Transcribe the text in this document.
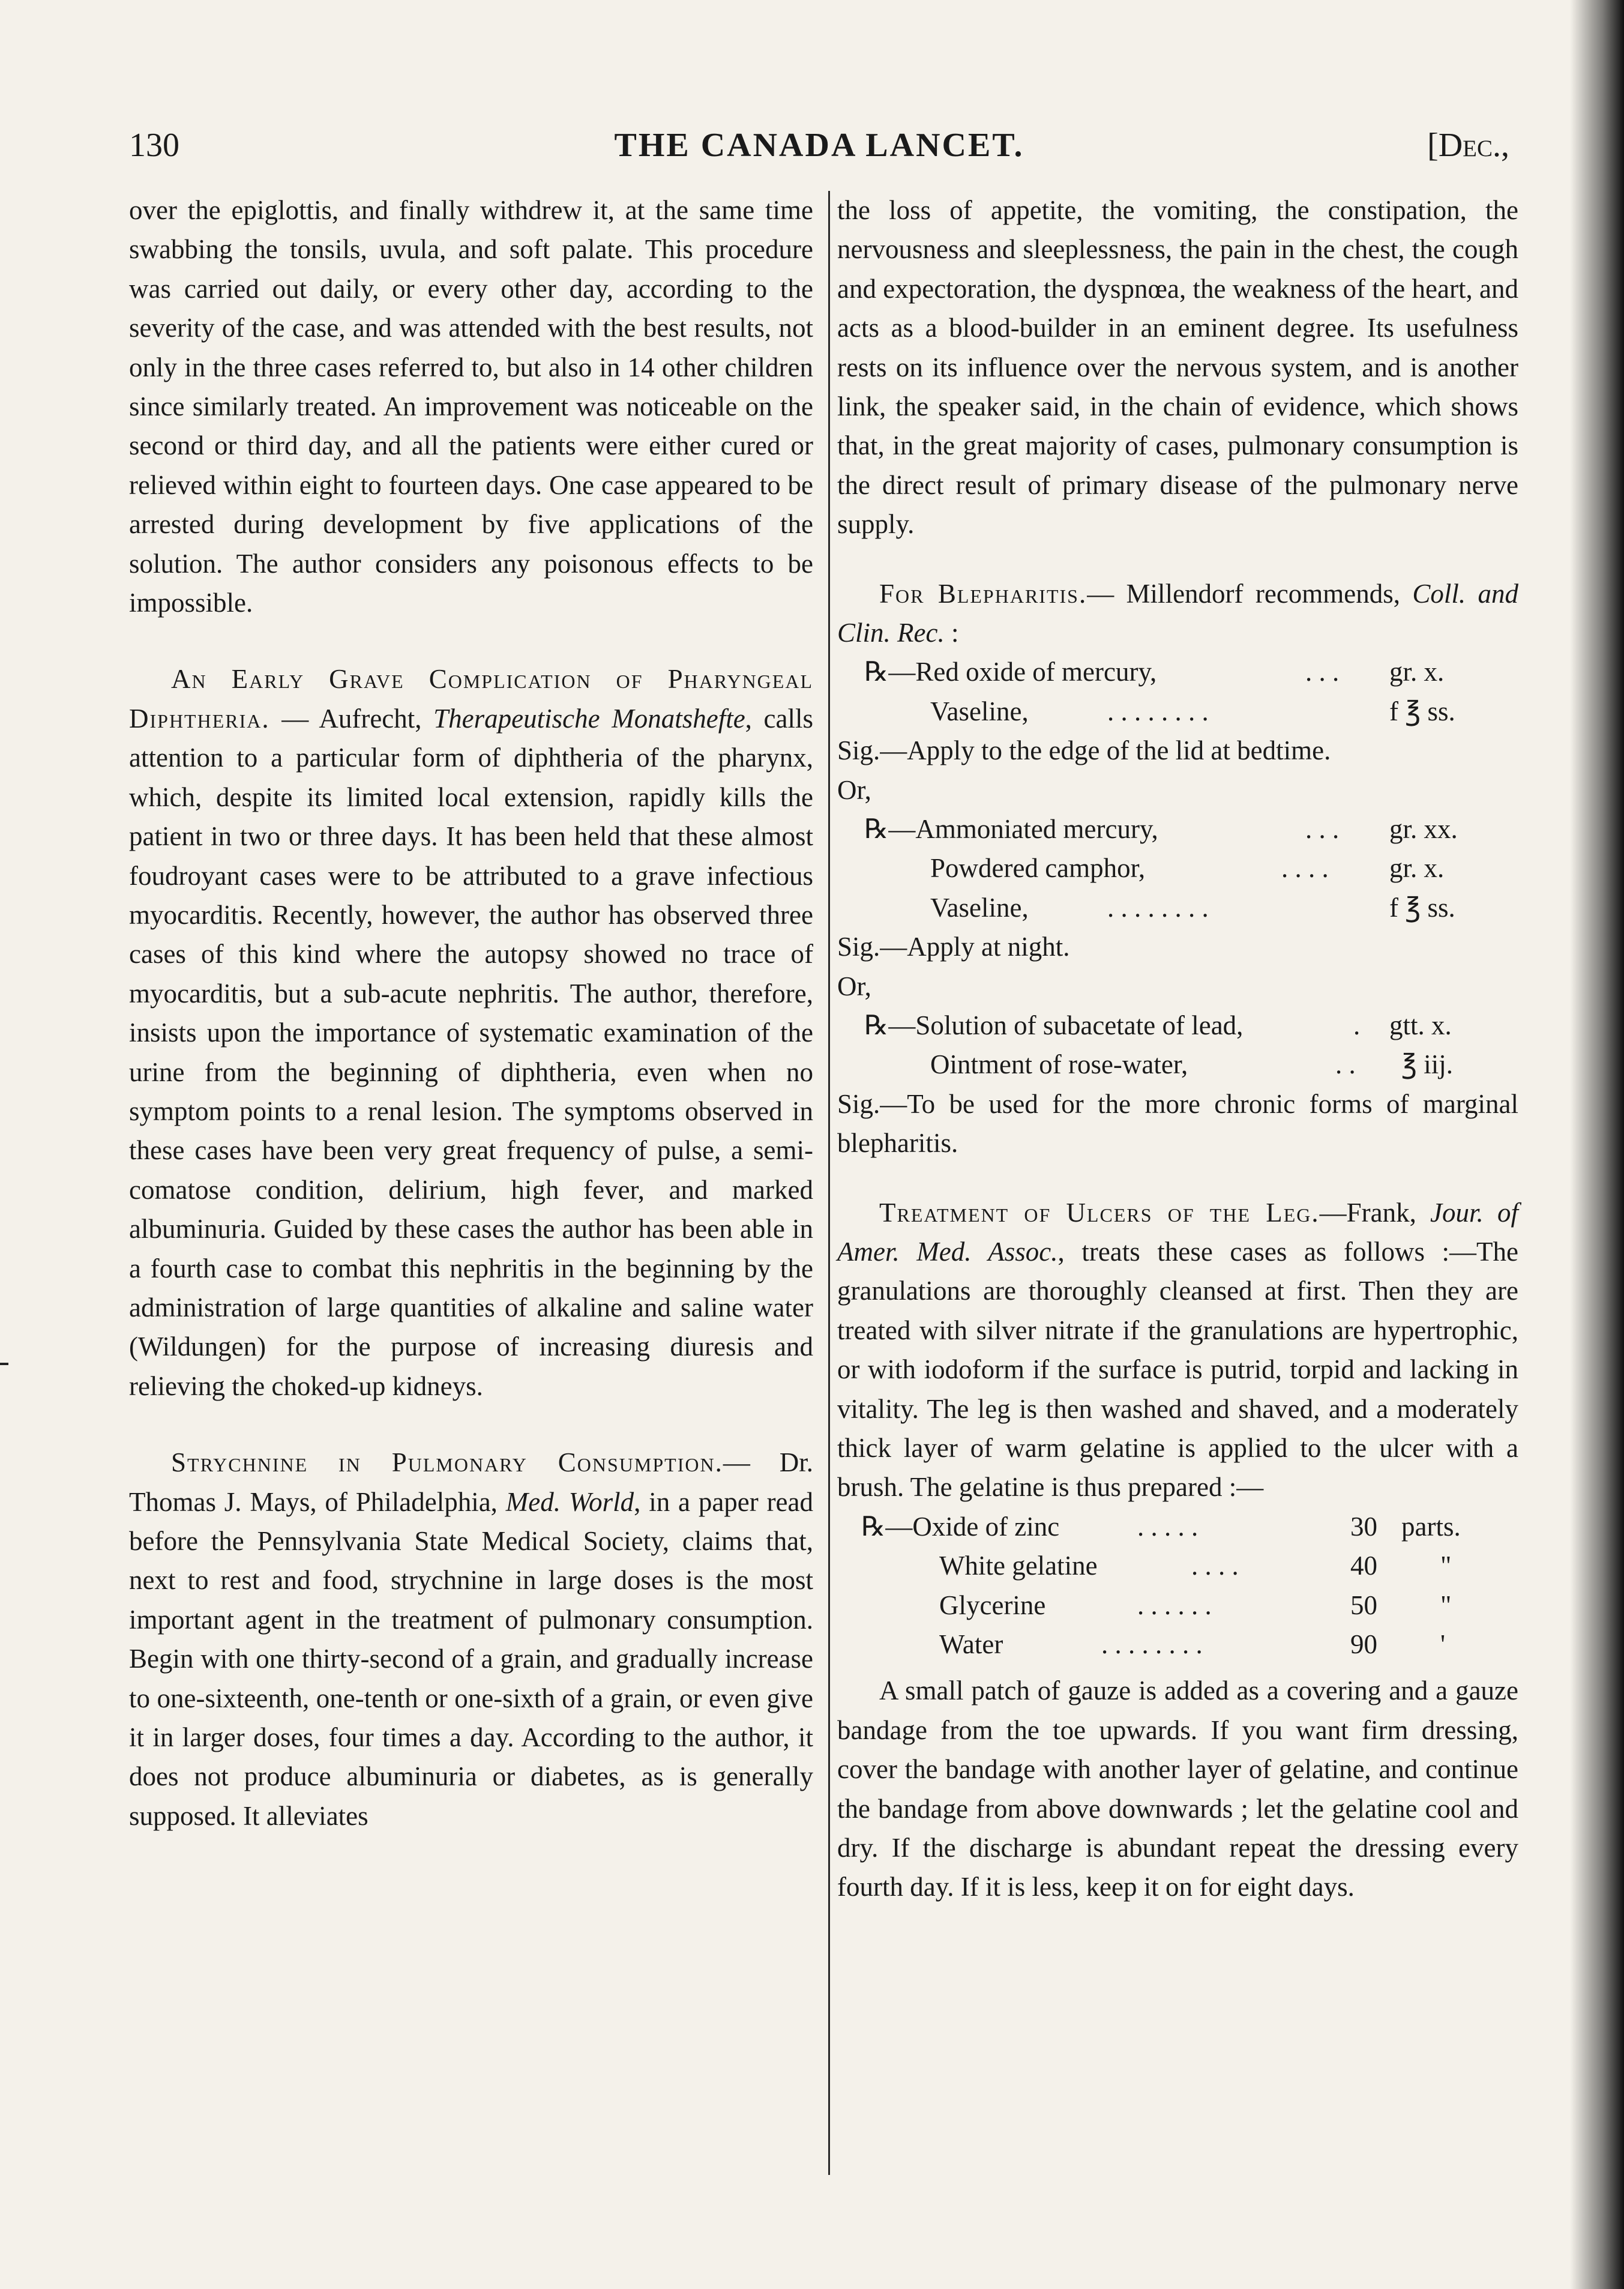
130	THE CANADA LANCET.	[Dec.,

over the epiglottis, and finally withdrew it, at the same time swabbing the tonsils, uvula, and soft palate. This procedure was carried out daily, or every other day, according to the severity of the case, and was attended with the best results, not only in the three cases referred to, but also in 14 other children since similarly treated. An improvement was noticeable on the second or third day, and all the patients were either cured or relieved within eight to fourteen days. One case appeared to be arrested during development by five applications of the solution. The author considers any poisonous effects to be impossible.

An Early Grave Complication of Pharyngeal Diphtheria. — Aufrecht, Therapeutische Monatshefte, calls attention to a particular form of diphtheria of the pharynx, which, despite its limited local extension, rapidly kills the patient in two or three days. It has been held that these almost foudroyant cases were to be attributed to a grave infectious myocarditis. Recently, however, the author has observed three cases of this kind where the autopsy showed no trace of myocarditis, but a sub-acute nephritis. The author, therefore, insists upon the importance of systematic examination of the urine from the beginning of diphtheria, even when no symptom points to a renal lesion. The symptoms observed in these cases have been very great frequency of pulse, a semi-comatose condition, delirium, high fever, and marked albuminuria. Guided by these cases the author has been able in a fourth case to combat this nephritis in the beginning by the administration of large quantities of alkaline and saline water (Wildungen) for the purpose of increasing diuresis and relieving the choked-up kidneys.

Strychnine in Pulmonary Consumption.— Dr. Thomas J. Mays, of Philadelphia, Med. World, in a paper read before the Pennsylvania State Medical Society, claims that, next to rest and food, strychnine in large doses is the most important agent in the treatment of pulmonary consumption. Begin with one thirty-second of a grain, and gradually increase to one-sixteenth, one-tenth or one-sixth of a grain, or even give it in larger doses, four times a day. According to the author, it does not produce albuminuria or diabetes, as is generally supposed. It alleviates

the loss of appetite, the vomiting, the constipation, the nervousness and sleeplessness, the pain in the chest, the cough and expectoration, the dyspnœa, the weakness of the heart, and acts as a blood-builder in an eminent degree. Its usefulness rests on its influence over the nervous system, and is another link, the speaker said, in the chain of evidence, which shows that, in the great majority of cases, pulmonary consumption is the direct result of primary disease of the pulmonary nerve supply.

For Blepharitis.— Millendorf recommends, Coll. and Clin. Rec. :

℞—Red oxide of mercury,	. . . gr. x.
Vaseline,	. . . . . . . .	f ℥ ss.

Sig.—Apply to the edge of the lid at bedtime.

Or,

℞—Ammoniated mercury,	. . . gr. xx.
Powdered camphor,	. . . . gr. x.
Vaseline,	. . . . . . . .	f ℥ ss.

Sig.—Apply at night.

Or,

℞—Solution of subacetate of lead,	. gtt. x.
Ointment of rose-water,	. . ℥ iij.

Sig.—To be used for the more chronic forms of marginal blepharitis.

Treatment of Ulcers of the Leg.—Frank, Jour. of Amer. Med. Assoc., treats these cases as follows :—The granulations are thoroughly cleansed at first. Then they are treated with silver nitrate if the granulations are hypertrophic, or with iodoform if the surface is putrid, torpid and lacking in vitality. The leg is then washed and shaved, and a moderately thick layer of warm gelatine is applied to the ulcer with a brush. The gelatine is thus prepared :—

℞—Oxide of zinc	. . . . .	30 parts.
White gelatine	. . . .	40 "
Glycerine	. . . . . .	50 "
Water	. . . . . . . .	90 '

A small patch of gauze is added as a covering and a gauze bandage from the toe upwards. If you want firm dressing, cover the bandage with another layer of gelatine, and continue the bandage from above downwards ; let the gelatine cool and dry. If the discharge is abundant repeat the dressing every fourth day. If it is less, keep it on for eight days.
